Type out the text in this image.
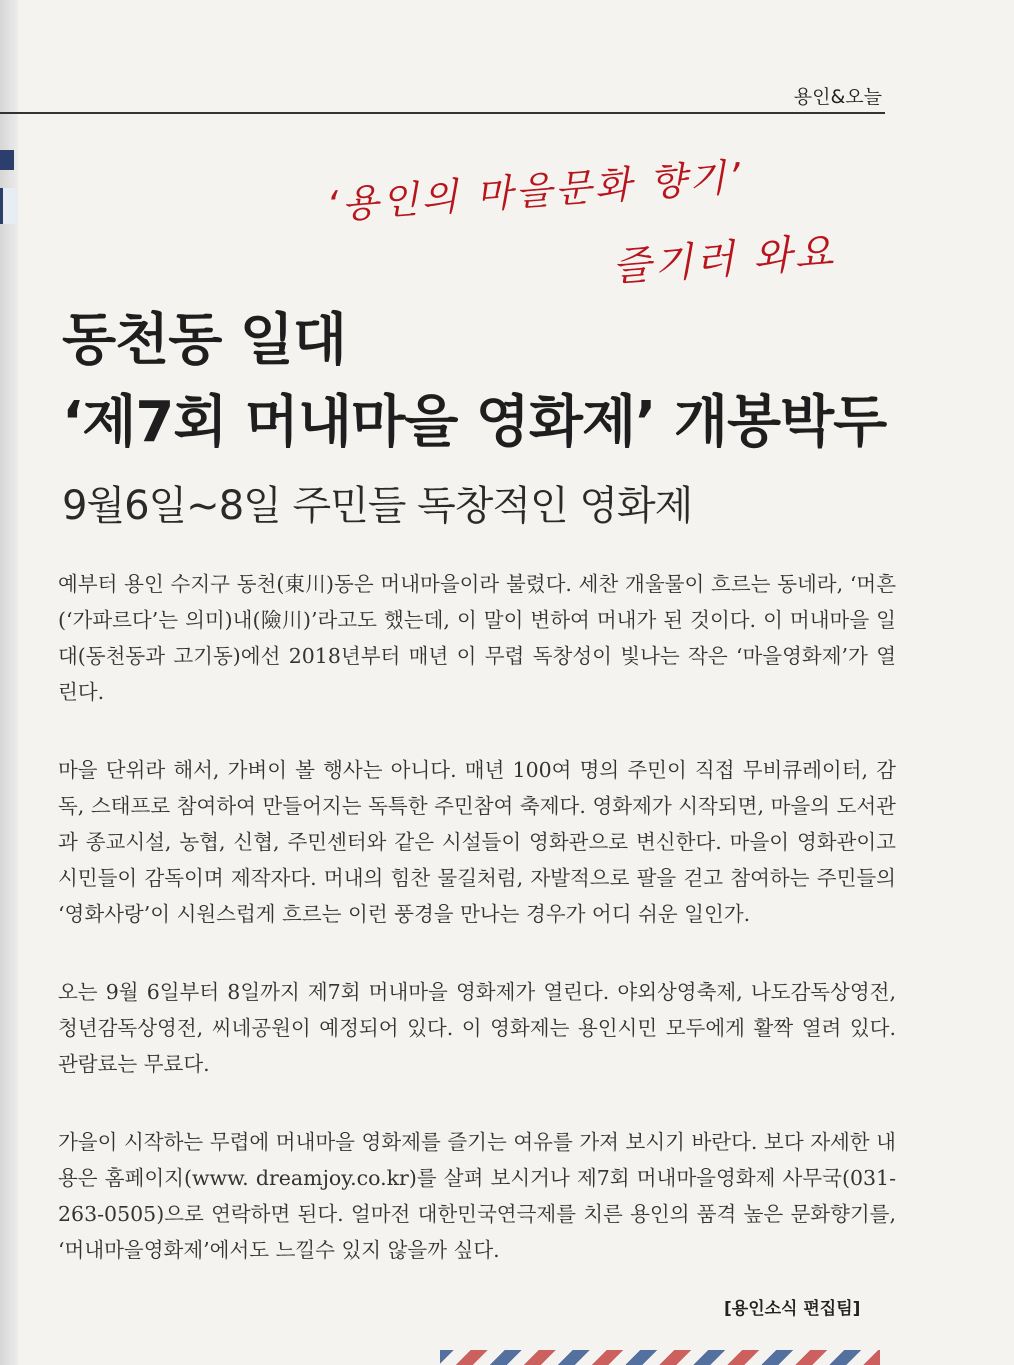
용인&오늘
‘용인의 마을문화 향기’
즐기러 와요
동천동 일대
‘제7회 머내마을 영화제’ 개봉박두
9월6일~8일 주민들 독창적인 영화제

예부터 용인 수지구 동천(東川)동은 머내마을이라 불렸다. 세찬 개울물이 흐르는 동네라, ‘머흔(‘가파르다’는 의미)내(險川)’라고도 했는데, 이 말이 변하여 머내가 된 것이다. 이 머내마을 일대(동천동과 고기동)에선 2018년부터 매년 이 무렵 독창성이 빛나는 작은 ‘마을영화제’가 열린다.

마을 단위라 해서, 가벼이 볼 행사는 아니다. 매년 100여 명의 주민이 직접 무비큐레이터, 감독, 스태프로 참여하여 만들어지는 독특한 주민참여 축제다. 영화제가 시작되면, 마을의 도서관과 종교시설, 농협, 신협, 주민센터와 같은 시설들이 영화관으로 변신한다. 마을이 영화관이고 시민들이 감독이며 제작자다. 머내의 힘찬 물길처럼, 자발적으로 팔을 걷고 참여하는 주민들의 ‘영화사랑’이 시원스럽게 흐르는 이런 풍경을 만나는 경우가 어디 쉬운 일인가.

오는 9월 6일부터 8일까지 제7회 머내마을 영화제가 열린다. 야외상영축제, 나도감독상영전, 청년감독상영전, 씨네공원이 예정되어 있다. 이 영화제는 용인시민 모두에게 활짝 열려 있다. 관람료는 무료다.

가을이 시작하는 무렵에 머내마을 영화제를 즐기는 여유를 가져 보시기 바란다. 보다 자세한 내용은 홈페이지(www. dreamjoy.co.kr)를 살펴 보시거나 제7회 머내마을영화제 사무국(031-263-0505)으로 연락하면 된다. 얼마전 대한민국연극제를 치른 용인의 품격 높은 문화향기를, ‘머내마을영화제’에서도 느낄수 있지 않을까 싶다.

[용인소식 편집팀]
